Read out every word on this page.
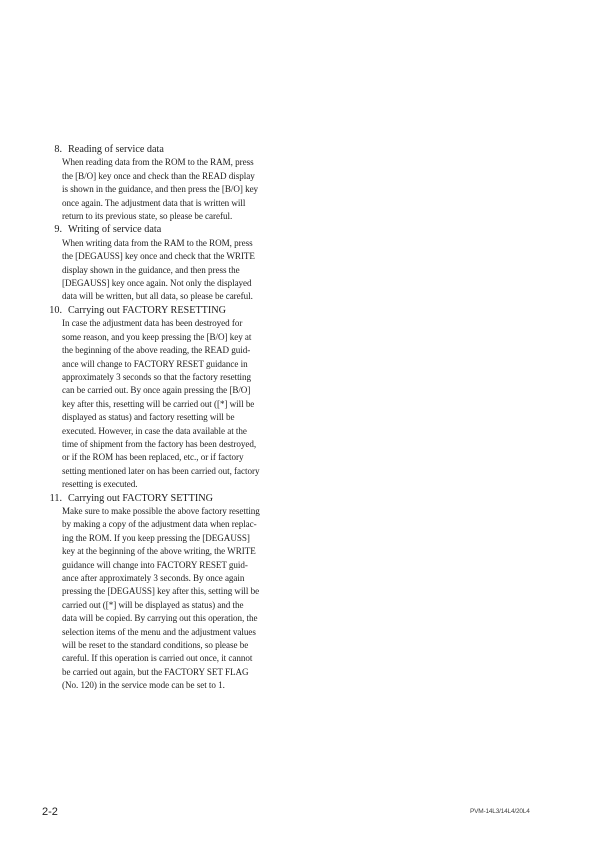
8. Reading of service data
When reading data from the ROM to the RAM, press
the [B/O] key once and check than the READ display
is shown in the guidance, and then press the [B/O] key
once again. The adjustment data that is written will
return to its previous state, so please be careful.
9. Writing of service data
When writing data from the RAM to the ROM, press
the [DEGAUSS] key once and check that the WRITE
display shown in the guidance, and then press the
[DEGAUSS] key once again. Not only the displayed
data will be written, but all data, so please be careful.
10. Carrying out FACTORY RESETTING
In case the adjustment data has been destroyed for
some reason, and you keep pressing the [B/O] key at
the beginning of the above reading, the READ guid-
ance will change to FACTORY RESET guidance in
approximately 3 seconds so that the factory resetting
can be carried out. By once again pressing the [B/O]
key after this, resetting will be carried out ([*] will be
displayed as status) and factory resetting will be
executed. However, in case the data available at the
time of shipment from the factory has been destroyed,
or if the ROM has been replaced, etc., or if factory
setting mentioned later on has been carried out, factory
resetting is executed.
11. Carrying out FACTORY SETTING
Make sure to make possible the above factory resetting
by making a copy of the adjustment data when replac-
ing the ROM. If you keep pressing the [DEGAUSS]
key at the beginning of the above writing, the WRITE
guidance will change into FACTORY RESET guid-
ance after approximately 3 seconds. By once again
pressing the [DEGAUSS] key after this, setting will be
carried out ([*] will be displayed as status) and the
data will be copied. By carrying out this operation, the
selection items of the menu and the adjustment values
will be reset to the standard conditions, so please be
careful. If this operation is carried out once, it cannot
be carried out again, but the FACTORY SET FLAG
(No. 120) in the service mode can be set to 1.
2-2	PVM-14L3/14L4/20L4
